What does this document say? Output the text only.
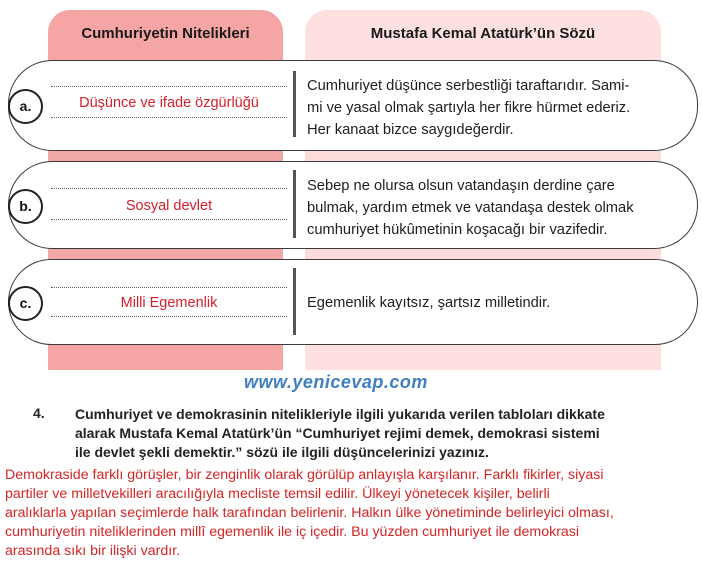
Cumhuriyetin Nitelikleri	Mustafa Kemal Atatürk’ün Sözü
a.	Düşünce ve ifade özgürlüğü
Cumhuriyet düşünce serbestliği taraftarıdır. Sami-
mi ve yasal olmak şartıyla her fikre hürmet ederiz.
Her kanaat bizce saygıdeğerdir.
b.	Sosyal devlet
Sebep ne olursa olsun vatandaşın derdine çare
bulmak, yardım etmek ve vatandaşa destek olmak
cumhuriyet hükûmetinin koşacağı bir vazifedir.
c.	Milli Egemenlik	Egemenlik kayıtsız, şartsız milletindir.
www.yenicevap.com
4. Cumhuriyet ve demokrasinin nitelikleriyle ilgili yukarıda verilen tabloları dikkate
alarak Mustafa Kemal Atatürk’ün “Cumhuriyet rejimi demek, demokrasi sistemi
ile devlet şekli demektir.” sözü ile ilgili düşüncelerinizi yazınız.
Demokraside farklı görüşler, bir zenginlik olarak görülüp anlayışla karşılanır. Farklı fikirler, siyasi
partiler ve milletvekilleri aracılığıyla mecliste temsil edilir. Ülkeyi yönetecek kişiler, belirli
aralıklarla yapılan seçimlerde halk tarafından belirlenir. Halkın ülke yönetiminde belirleyici olması,
cumhuriyetin niteliklerinden millî egemenlik ile iç içedir. Bu yüzden cumhuriyet ile demokrasi
arasında sıkı bir ilişki vardır.
